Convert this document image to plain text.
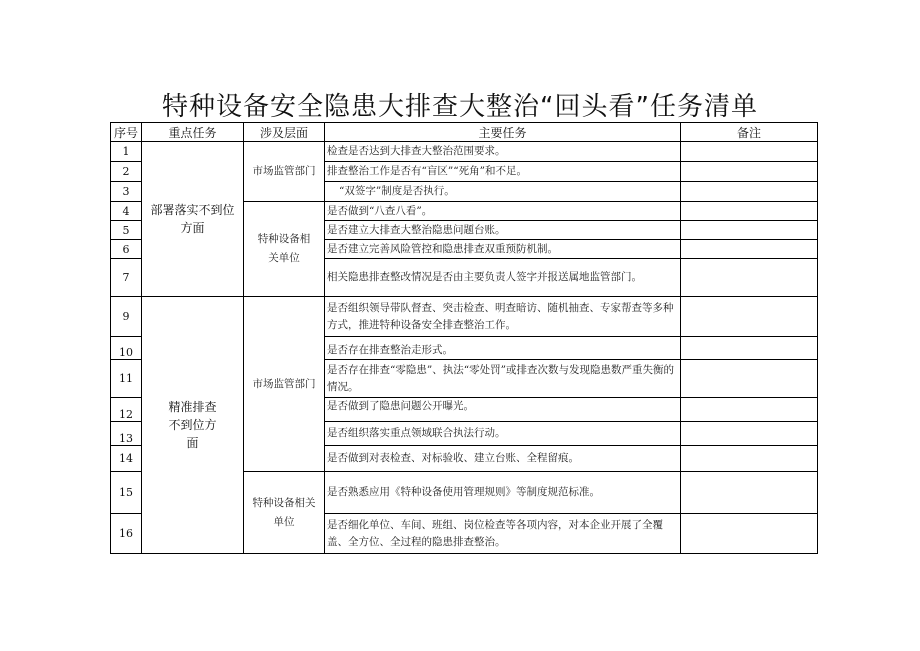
特种设备安全隐患大排查大整治“回头看”任务清单
序号	重点任务	涉及层面	主要任务	备注
1	部署落实不到位方面	市场监管部门	检查是否达到大排查大整治范围要求。	
2			排查整治工作是否有“盲区”“死角”和不足。	
3			“双签字”制度是否执行。	
4		特种设备相关单位	是否做到“八查八看”。	
5			是否建立大排查大整治隐患问题台账。	
6			是否建立完善风险管控和隐患排查双重预防机制。	
7			相关隐患排查整改情况是否由主要负责人签字并报送属地监管部门。	
9	精准排查不到位方面	市场监管部门	是否组织领导带队督查、突击检查、明查暗访、随机抽查、专家帮查等多种方式，推进特种设备安全排查整治工作。	
10			是否存在排查整治走形式。	
11			是否存在排查“零隐患”、执法“零处罚”或排查次数与发现隐患数严重失衡的情况。	
12			是否做到了隐患问题公开曝光。	
13			是否组织落实重点领域联合执法行动。	
14			是否做到对表检查、对标验收、建立台账、全程留痕。	
15		特种设备相关单位	是否熟悉应用《特种设备使用管理规则》等制度规范标准。	
16			是否细化单位、车间、班组、岗位检查等各项内容，对本企业开展了全覆盖、全方位、全过程的隐患排查整治。	
